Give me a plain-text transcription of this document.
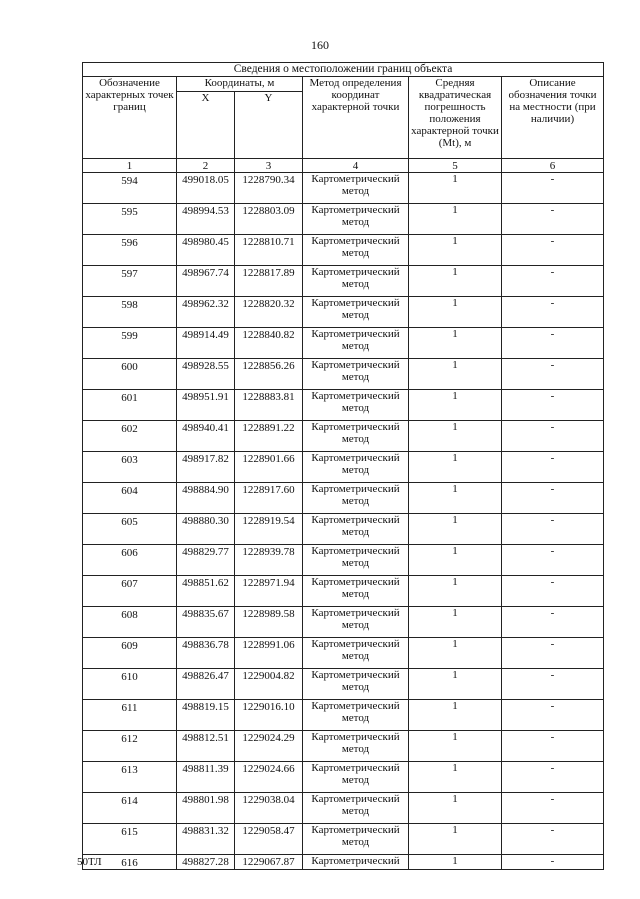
160
Сведения о местоположении границ объекта					
Обозначение характерных точек границ	Координаты, м		Метод определения координат характерной точки	Средняя квадратическая погрешность положения характерной точки (Mt), м	Описание обозначения точки на местности (при наличии)
	X	Y			
1	2	3	4	5	6
594	499018.05	1228790.34	Картометрический метод	1	-
595	498994.53	1228803.09	Картометрический метод	1	-
596	498980.45	1228810.71	Картометрический метод	1	-
597	498967.74	1228817.89	Картометрический метод	1	-
598	498962.32	1228820.32	Картометрический метод	1	-
599	498914.49	1228840.82	Картометрический метод	1	-
600	498928.55	1228856.26	Картометрический метод	1	-
601	498951.91	1228883.81	Картометрический метод	1	-
602	498940.41	1228891.22	Картометрический метод	1	-
603	498917.82	1228901.66	Картометрический метод	1	-
604	498884.90	1228917.60	Картометрический метод	1	-
605	498880.30	1228919.54	Картометрический метод	1	-
606	498829.77	1228939.78	Картометрический метод	1	-
607	498851.62	1228971.94	Картометрический метод	1	-
608	498835.67	1228989.58	Картометрический метод	1	-
609	498836.78	1228991.06	Картометрический метод	1	-
610	498826.47	1229004.82	Картометрический метод	1	-
611	498819.15	1229016.10	Картометрический метод	1	-
612	498812.51	1229024.29	Картометрический метод	1	-
613	498811.39	1229024.66	Картометрический метод	1	-
614	498801.98	1229038.04	Картометрический метод	1	-
615	498831.32	1229058.47	Картометрический метод	1	-
616	498827.28	1229067.87	Картометрический	1	-
50ТЛ
